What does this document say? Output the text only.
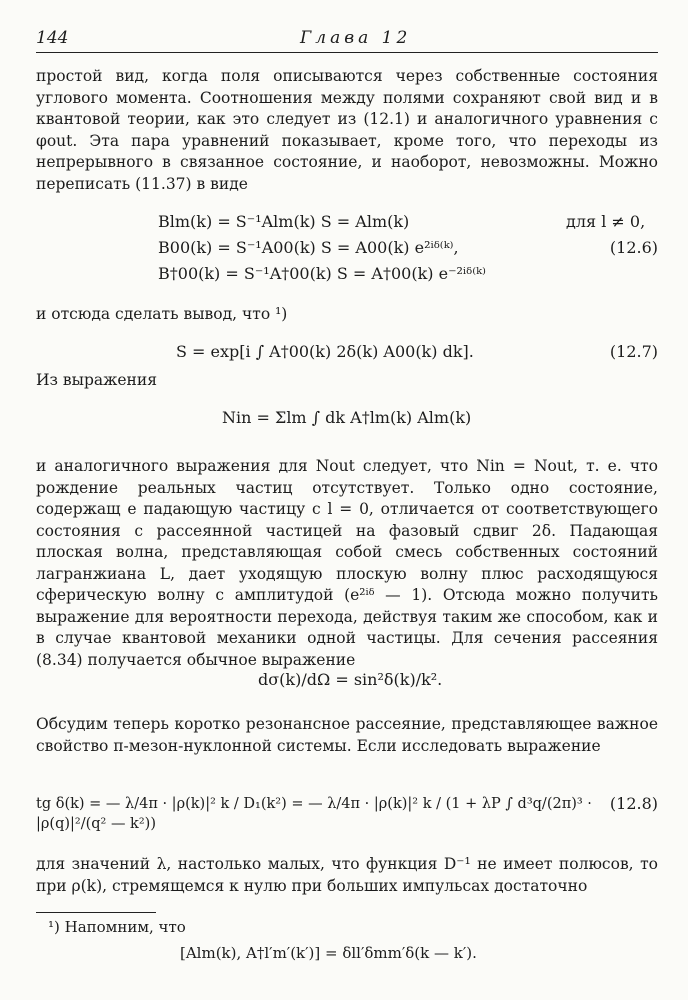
144	Глава 12

простой вид, когда поля описываются через собственные состояния углового момента. Соотношения между полями сохраняют свой вид и в квантовой теории, как это следует из (12.1) и аналогичного уравнения с φout. Эта пара уравнений показывает, кроме того, что переходы из непрерывного в связанное состояние, и наоборот, невозможны. Можно переписать (11.37) в виде

Blm(k) = S⁻¹Alm(k) S = Alm(k)	для l ≠ 0,
B00(k) = S⁻¹A00(k) S = A00(k) e²ⁱᵟ⁽ᵏ⁾,	(12.6)
B†00(k) = S⁻¹A†00(k) S = A†00(k) e⁻²ⁱᵟ⁽ᵏ⁾

и отсюда сделать вывод, что ¹)

S = exp[i ∫ A†00(k) 2δ(k) A00(k) dk].	(12.7)

Из выражения

Nin = Σlm ∫ dk A†lm(k) Alm(k)

и аналогичного выражения для Nout следует, что Nin = Nout, т. е. что рождение реальных частиц отсутствует. Только одно состояние, содержащ е падающую частицу с l = 0, отличается от соответствующего состояния с рассеянной частицей на фазовый сдвиг 2δ. Падающая плоская волна, представляющая собой смесь собственных состояний лагранжиана L, дает уходящую плоскую волну плюс расходящуюся сферическую волну с амплитудой (e²ⁱᵟ — 1). Отсюда можно получить выражение для вероятности перехода, действуя таким же способом, как и в случае квантовой механики одной частицы. Для сечения рассеяния (8.34) получается обычное выражение

dσ(k)/dΩ = sin²δ(k)/k².

Обсудим теперь коротко резонансное рассеяние, представляющее важное свойство π-мезон-нуклонной системы. Если исследовать выражение

tg δ(k) = — λ/4π · |ρ(k)|² k / D₁(k²) = — λ/4π · |ρ(k)|² k / (1 + λP ∫ d³q/(2π)³ · |ρ(q)|²/(q² — k²))
(12.8)

для значений λ, настолько малых, что функция D⁻¹ не имеет полюсов, то при ρ(k), стремящемся к нулю при больших импульсах достаточно

¹) Напомним, что
[Alm(k), A†l′m′(k′)] = δll′δmm′δ(k — k′).
